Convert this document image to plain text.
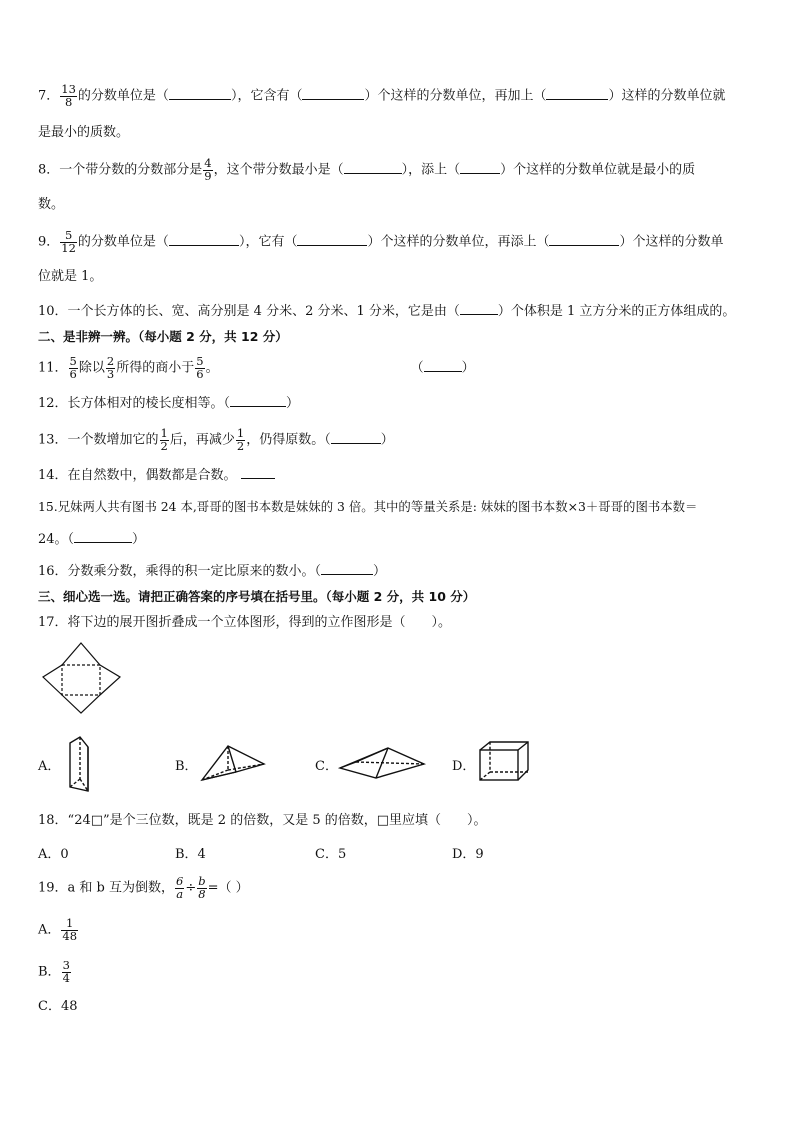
7． $\frac{13}{8}$ 的分数单位是（	），它含有（	）个这样的分数单位，再加上（	）这样的分数单位就
是最小的质数。
8．一个带分数的分数部分是 $\frac{4}{9}$ ，这个带分数最小是（	），添上（	）个这样的分数单位就是最小的质
数。
9． $\frac{5}{12}$ 的分数单位是（	），它有（	）个这样的分数单位，再添上（	）个这样的分数单
位就是 1。
10．一个长方体的长、宽、高分别是 4 分米、2 分米、1 分米，它是由（	）个体积是 1 立方分米的正方体组成的。
二、是非辨一辨。（每小题 2 分，共 12 分）
11． $\frac{5}{6}$ 除以 $\frac{2}{3}$ 所得的商小于 $\frac{5}{6}$ 。	（	）
12．长方体相对的棱长度相等。（	）
13．一个数增加它的 $\frac{1}{2}$ 后，再减少 $\frac{1}{2}$ ，仍得原数。（	）
14．在自然数中，偶数都是合数。
15.兄妹两人共有图书 24 本,哥哥的图书本数是妹妹的 3 倍。其中的等量关系是: 妹妹的图书本数×3＋哥哥的图书本数＝
24。（	）
16．分数乘分数，乘得的积一定比原来的数小。（	）
三、细心选一选。请把正确答案的序号填在括号里。（每小题 2 分，共 10 分）
17．将下边的展开图折叠成一个立体图形，得到的立作图形是（　　）。
A．	B．	C．	D．
18．“24□”是个三位数，既是 2 的倍数，又是 5 的倍数，□里应填（　　）。
A．0	B．4	C．5	D．9
19．a 和 b 互为倒数， $\frac{6}{a} \div \frac{b}{8}$ =（ ）
A． $\frac{1}{48}$
B． $\frac{3}{4}$
C．48
